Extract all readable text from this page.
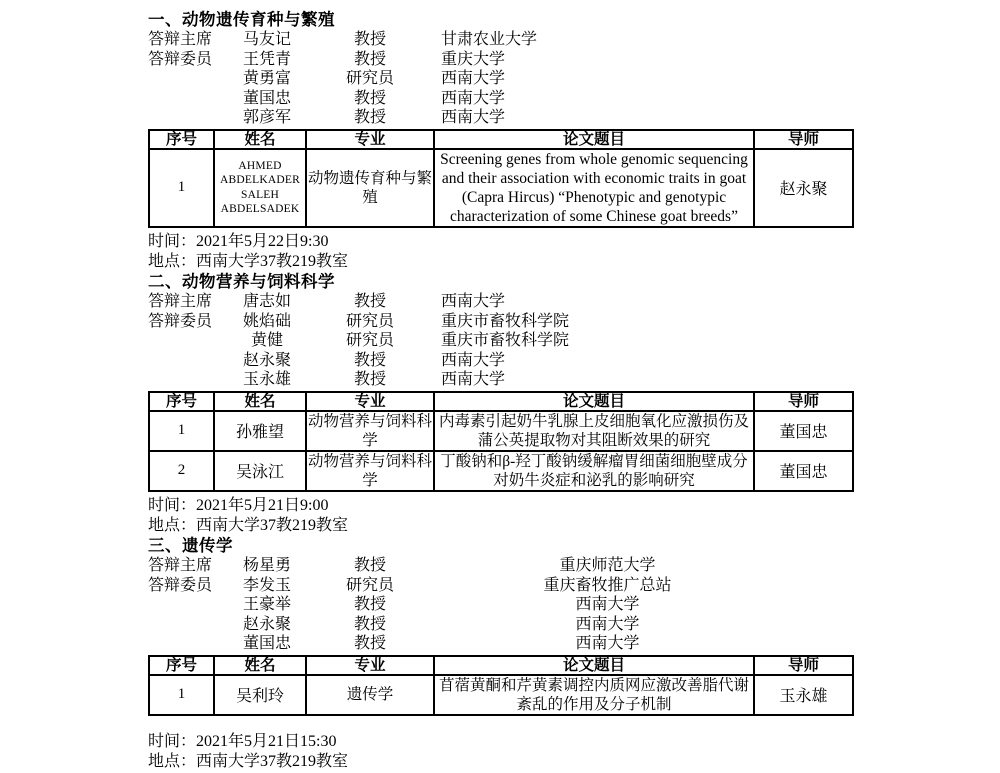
一、动物遗传育种与繁殖
答辩主席	马友记	教授	甘肃农业大学
答辩委员	王凭青	教授	重庆大学
黄勇富	研究员	西南大学
董国忠	教授	西南大学
郭彦军	教授	西南大学
序号	姓名	专业	论文题目	导师
1	AHMED ABDELKADER SALEH ABDELSADEK	动物遗传育种与繁殖	Screening genes from whole genomic sequencing and their association with economic traits in goat (Capra Hircus) “Phenotypic and genotypic characterization of some Chinese goat breeds”	赵永聚

时间：2021年5月22日9:30

地点：西南大学37教219教室

二、动物营养与饲料科学
答辩主席	唐志如	教授	西南大学
答辩委员	姚焰础	研究员	重庆市畜牧科学院
黄健	研究员	重庆市畜牧科学院
赵永聚	教授	西南大学
玉永雄	教授	西南大学
序号	姓名	专业	论文题目	导师
1	孙雅望	动物营养与饲料科学	内毒素引起奶牛乳腺上皮细胞氧化应激损伤及蒲公英提取物对其阻断效果的研究	董国忠
2	吴泳江	动物营养与饲料科学	丁酸钠和β-羟丁酸钠缓解瘤胃细菌细胞壁成分对奶牛炎症和泌乳的影响研究	董国忠

时间：2021年5月21日9:00

地点：西南大学37教219教室

三、遗传学
答辩主席	杨星勇	教授	重庆师范大学
答辩委员	李发玉	研究员	重庆畜牧推广总站
王豪举	教授	西南大学
赵永聚	教授	西南大学
董国忠	教授	西南大学
序号	姓名	专业	论文题目	导师
1	吴利玲	遗传学	苜蓿黄酮和芹黄素调控内质网应激改善脂代谢紊乱的作用及分子机制	玉永雄

时间：2021年5月21日15:30

地点：西南大学37教219教室
